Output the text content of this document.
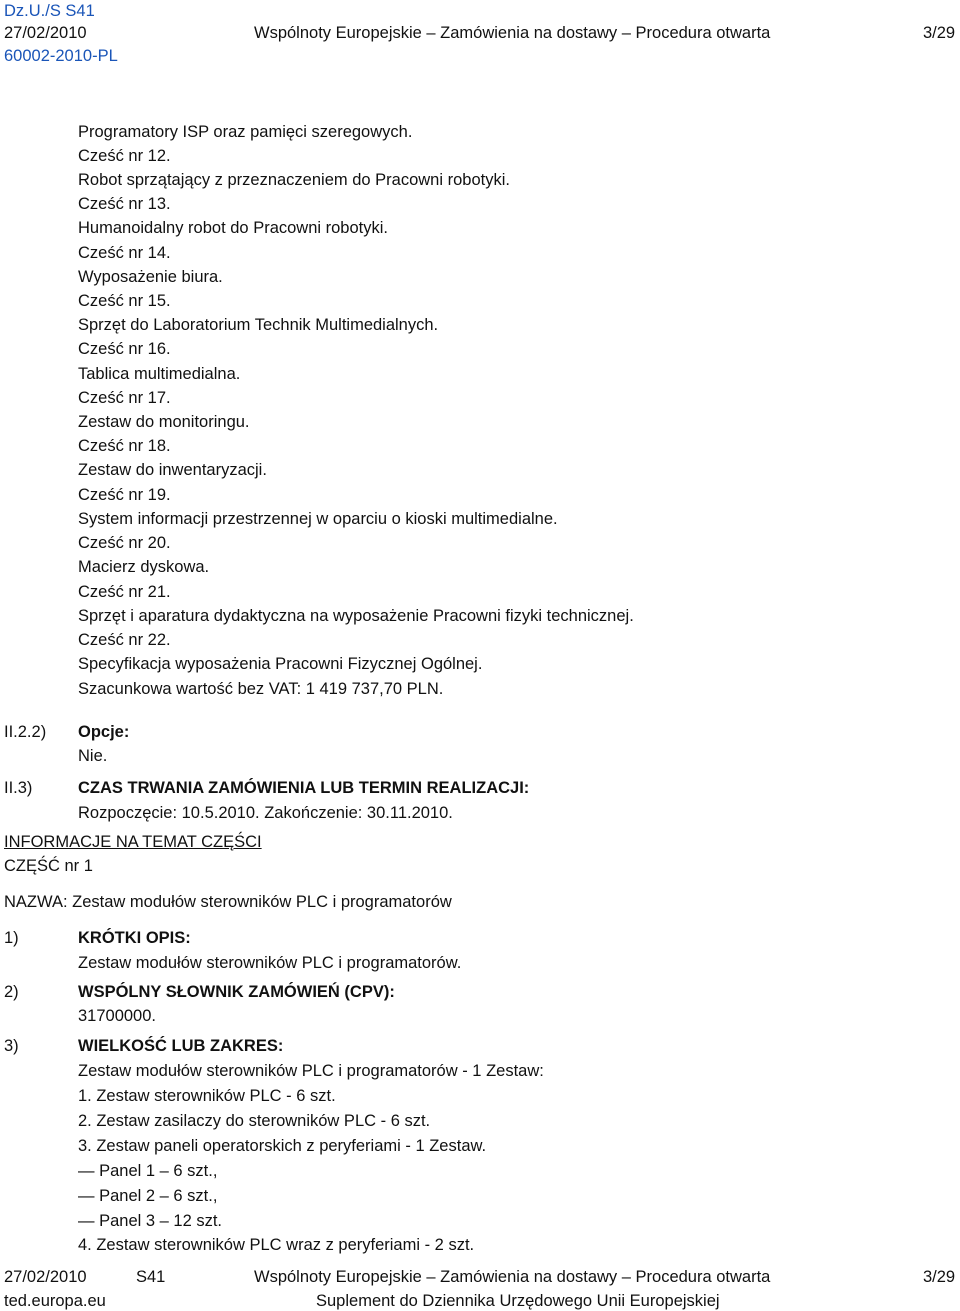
Dz.U./S S41
27/02/2010	Wspólnoty Europejskie – Zamówienia na dostawy – Procedura otwarta	3/29
60002-2010-PL
Programatory ISP oraz pamięci szeregowych.
Cześć nr 12.
Robot sprzątający z przeznaczeniem do Pracowni robotyki.
Cześć nr 13.
Humanoidalny robot do Pracowni robotyki.
Cześć nr 14.
Wyposażenie biura.
Cześć nr 15.
Sprzęt do Laboratorium Technik Multimedialnych.
Cześć nr 16.
Tablica multimedialna.
Cześć nr 17.
Zestaw do monitoringu.
Cześć nr 18.
Zestaw do inwentaryzacji.
Cześć nr 19.
System informacji przestrzennej w oparciu o kioski multimedialne.
Cześć nr 20.
Macierz dyskowa.
Cześć nr 21.
Sprzęt i aparatura dydaktyczna na wyposażenie Pracowni fizyki technicznej.
Cześć nr 22.
Specyfikacja wyposażenia Pracowni Fizycznej Ogólnej.
Szacunkowa wartość bez VAT: 1 419 737,70 PLN.
II.2.2) Opcje:
Nie.
II.3)	CZAS TRWANIA ZAMÓWIENIA LUB TERMIN REALIZACJI:
Rozpoczęcie: 10.5.2010. Zakończenie: 30.11.2010.
INFORMACJE NA TEMAT CZĘŚCI
CZĘŚĆ nr 1
NAZWA: Zestaw modułów sterowników PLC i programatorów
1)	KRÓTKI OPIS:
Zestaw modułów sterowników PLC i programatorów.
2)	WSPÓLNY SŁOWNIK ZAMÓWIEŃ (CPV):
31700000.
3)	WIELKOŚĆ LUB ZAKRES:
Zestaw modułów sterowników PLC i programatorów - 1 Zestaw:
1. Zestaw sterowników PLC - 6 szt.
2. Zestaw zasilaczy do sterowników PLC - 6 szt.
3. Zestaw paneli operatorskich z peryferiami - 1 Zestaw.
— Panel 1 – 6 szt.,
— Panel 2 – 6 szt.,
— Panel 3 – 12 szt.
4. Zestaw sterowników PLC wraz z peryferiami - 2 szt.
27/02/2010	S41	Wspólnoty Europejskie – Zamówienia na dostawy – Procedura otwarta	3/29
ted.europa.eu	Suplement do Dziennika Urzędowego Unii Europejskiej
